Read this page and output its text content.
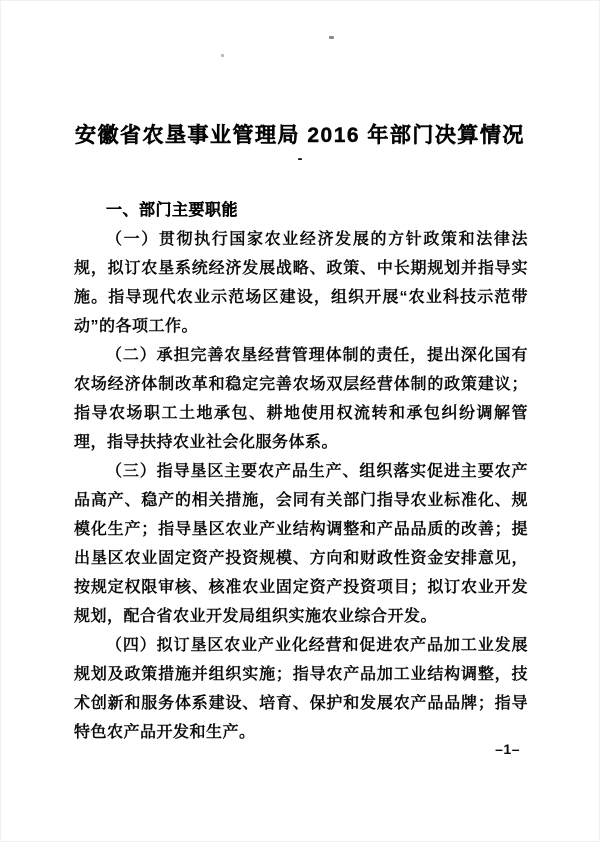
安徽省农垦事业管理局 2016 年部门决算情况
-
一、部门主要职能

（一）贯彻执行国家农业经济发展的方针政策和法律法规，拟订农垦系统经济发展战略、政策、中长期规划并指导实施。指导现代农业示范场区建设，组织开展“农业科技示范带动”的各项工作。

（二）承担完善农垦经营管理体制的责任，提出深化国有农场经济体制改革和稳定完善农场双层经营体制的政策建议；指导农场职工土地承包、耕地使用权流转和承包纠纷调解管理，指导扶持农业社会化服务体系。

（三）指导垦区主要农产品生产、组织落实促进主要农产品高产、稳产的相关措施，会同有关部门指导农业标准化、规模化生产；指导垦区农业产业结构调整和产品品质的改善；提出垦区农业固定资产投资规模、方向和财政性资金安排意见，按规定权限审核、核准农业固定资产投资项目；拟订农业开发规划，配合省农业开发局组织实施农业综合开发。

（四）拟订垦区农业产业化经营和促进农产品加工业发展规划及政策措施并组织实施；指导农产品加工业结构调整，技术创新和服务体系建设、培育、保护和发展农产品品牌；指导特色农产品开发和生产。

–1–
